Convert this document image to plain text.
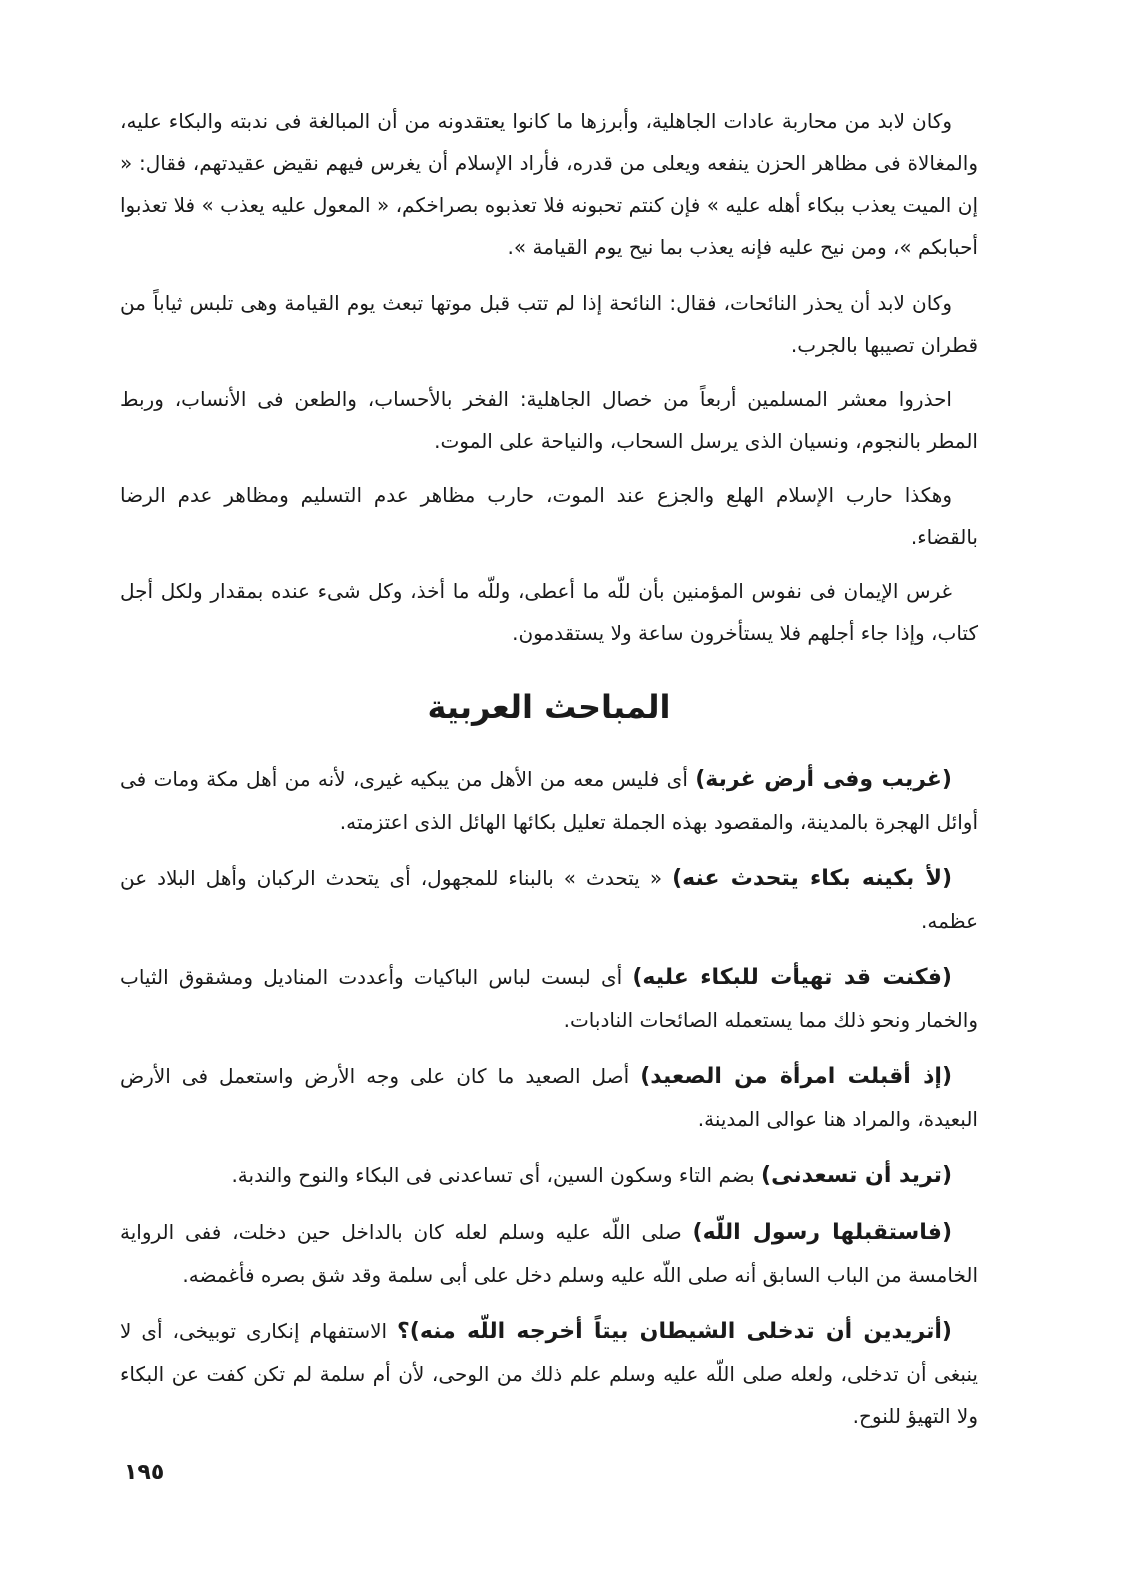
وكان لابد من محاربة عادات الجاهلية، وأبرزها ما كانوا يعتقدونه من أن المبالغة فى ندبته والبكاء عليه، والمغالاة فى مظاهر الحزن ينفعه ويعلى من قدره، فأراد الإسلام أن يغرس فيهم نقيض عقيدتهم، فقال: « إن الميت يعذب ببكاء أهله عليه » فإن كنتم تحبونه فلا تعذبوه بصراخكم، « المعول عليه يعذب » فلا تعذبوا أحبابكم »، ومن نيح عليه فإنه يعذب بما نيح يوم القيامة ».

وكان لابد أن يحذر النائحات، فقال: النائحة إذا لم تتب قبل موتها تبعث يوم القيامة وهى تلبس ثياباً من قطران تصيبها بالجرب.

احذروا معشر المسلمين أربعاً من خصال الجاهلية: الفخر بالأحساب، والطعن فى الأنساب، وربط المطر بالنجوم، ونسيان الذى يرسل السحاب، والنياحة على الموت.

وهكذا حارب الإسلام الهلع والجزع عند الموت، حارب مظاهر عدم التسليم ومظاهر عدم الرضا بالقضاء.

غرس الإيمان فى نفوس المؤمنين بأن للّه ما أعطى، وللّه ما أخذ، وكل شىء عنده بمقدار ولكل أجل كتاب، وإذا جاء أجلهم فلا يستأخرون ساعة ولا يستقدمون.

المباحث العربية

(غريب وفى أرض غربة) أى فليس معه من الأهل من يبكيه غيرى، لأنه من أهل مكة ومات فى أوائل الهجرة بالمدينة، والمقصود بهذه الجملة تعليل بكائها الهائل الذى اعتزمته.

(لأ بكينه بكاء يتحدث عنه) « يتحدث » بالبناء للمجهول، أى يتحدث الركبان وأهل البلاد عن عظمه.

(فكنت قد تهيأت للبكاء عليه) أى لبست لباس الباكيات وأعددت المناديل ومشقوق الثياب والخمار ونحو ذلك مما يستعمله الصائحات النادبات.

(إذ أقبلت امرأة من الصعيد) أصل الصعيد ما كان على وجه الأرض واستعمل فى الأرض البعيدة، والمراد هنا عوالى المدينة.

(تريد أن تسعدنى) بضم التاء وسكون السين، أى تساعدنى فى البكاء والنوح والندبة.

(فاستقبلها رسول اللّه) صلى اللّه عليه وسلم لعله كان بالداخل حين دخلت، ففى الرواية الخامسة من الباب السابق أنه صلى اللّه عليه وسلم دخل على أبى سلمة وقد شق بصره فأغمضه.

(أتريدين أن تدخلى الشيطان بيتاً أخرجه اللّه منه)؟ الاستفهام إنكارى توبيخى، أى لا ينبغى أن تدخلى، ولعله صلى اللّه عليه وسلم علم ذلك من الوحى، لأن أم سلمة لم تكن كفت عن البكاء ولا التهيؤ للنوح.

١٩٥
